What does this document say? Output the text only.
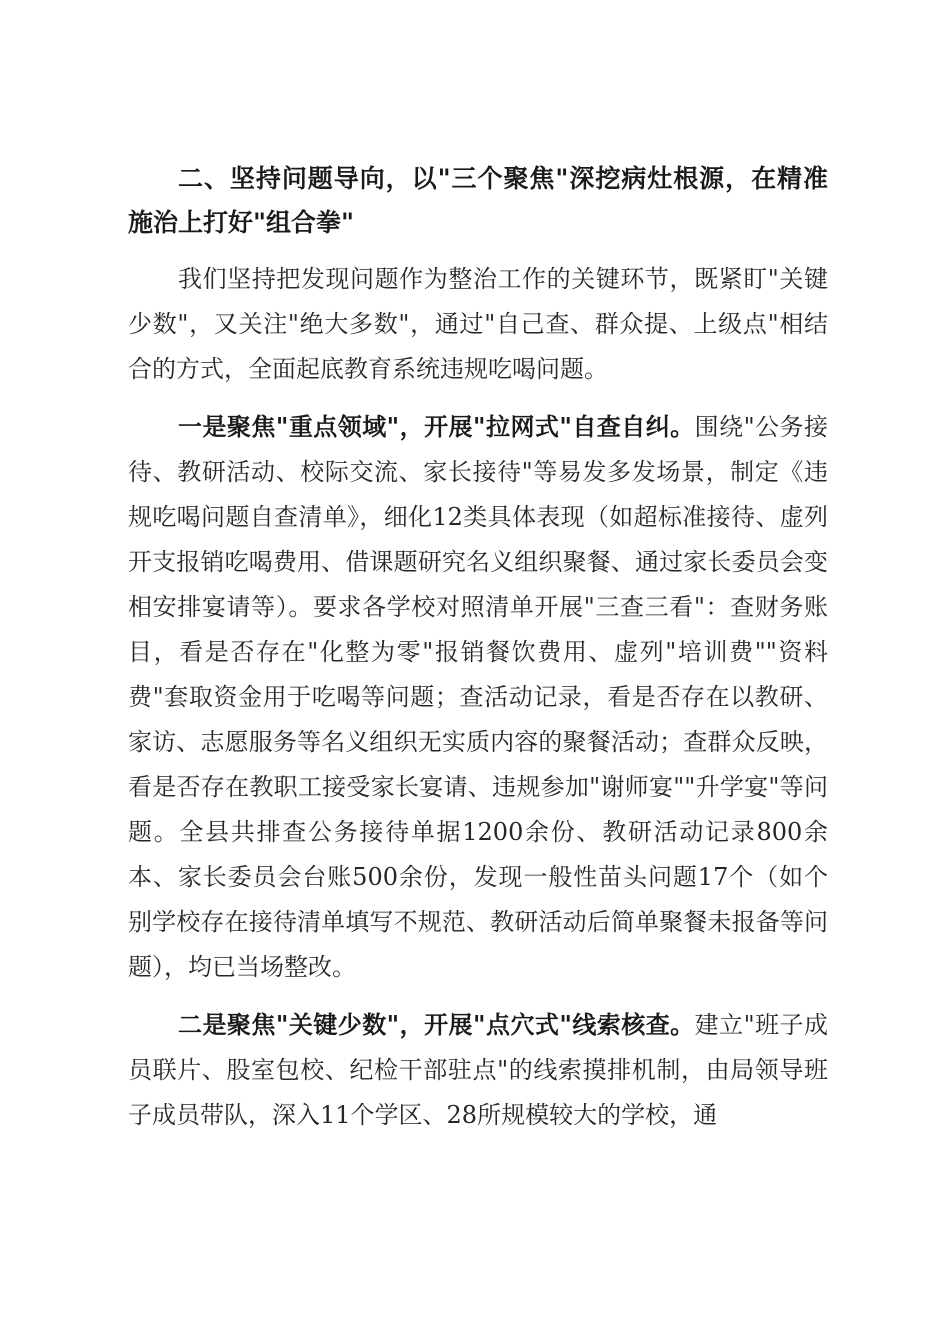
二、坚持问题导向，以"三个聚焦"深挖病灶根源，在精准施治上打好"组合拳"

我们坚持把发现问题作为整治工作的关键环节，既紧盯"关键少数"，又关注"绝大多数"，通过"自己查、群众提、上级点"相结合的方式，全面起底教育系统违规吃喝问题。

一是聚焦"重点领域"，开展"拉网式"自查自纠。围绕"公务接待、教研活动、校际交流、家长接待"等易发多发场景，制定《违规吃喝问题自查清单》，细化12类具体表现（如超标准接待、虚列开支报销吃喝费用、借课题研究名义组织聚餐、通过家长委员会变相安排宴请等）。要求各学校对照清单开展"三查三看"：查财务账目，看是否存在"化整为零"报销餐饮费用、虚列"培训费""资料费"套取资金用于吃喝等问题；查活动记录，看是否存在以教研、家访、志愿服务等名义组织无实质内容的聚餐活动；查群众反映，看是否存在教职工接受家长宴请、违规参加"谢师宴""升学宴"等问题。全县共排查公务接待单据1200余份、教研活动记录800余本、家长委员会台账500余份，发现一般性苗头问题17个（如个别学校存在接待清单填写不规范、教研活动后简单聚餐未报备等问题），均已当场整改。

二是聚焦"关键少数"，开展"点穴式"线索核查。建立"班子成员联片、股室包校、纪检干部驻点"的线索摸排机制，由局领导班子成员带队，深入11个学区、28所规模较大的学校，通
